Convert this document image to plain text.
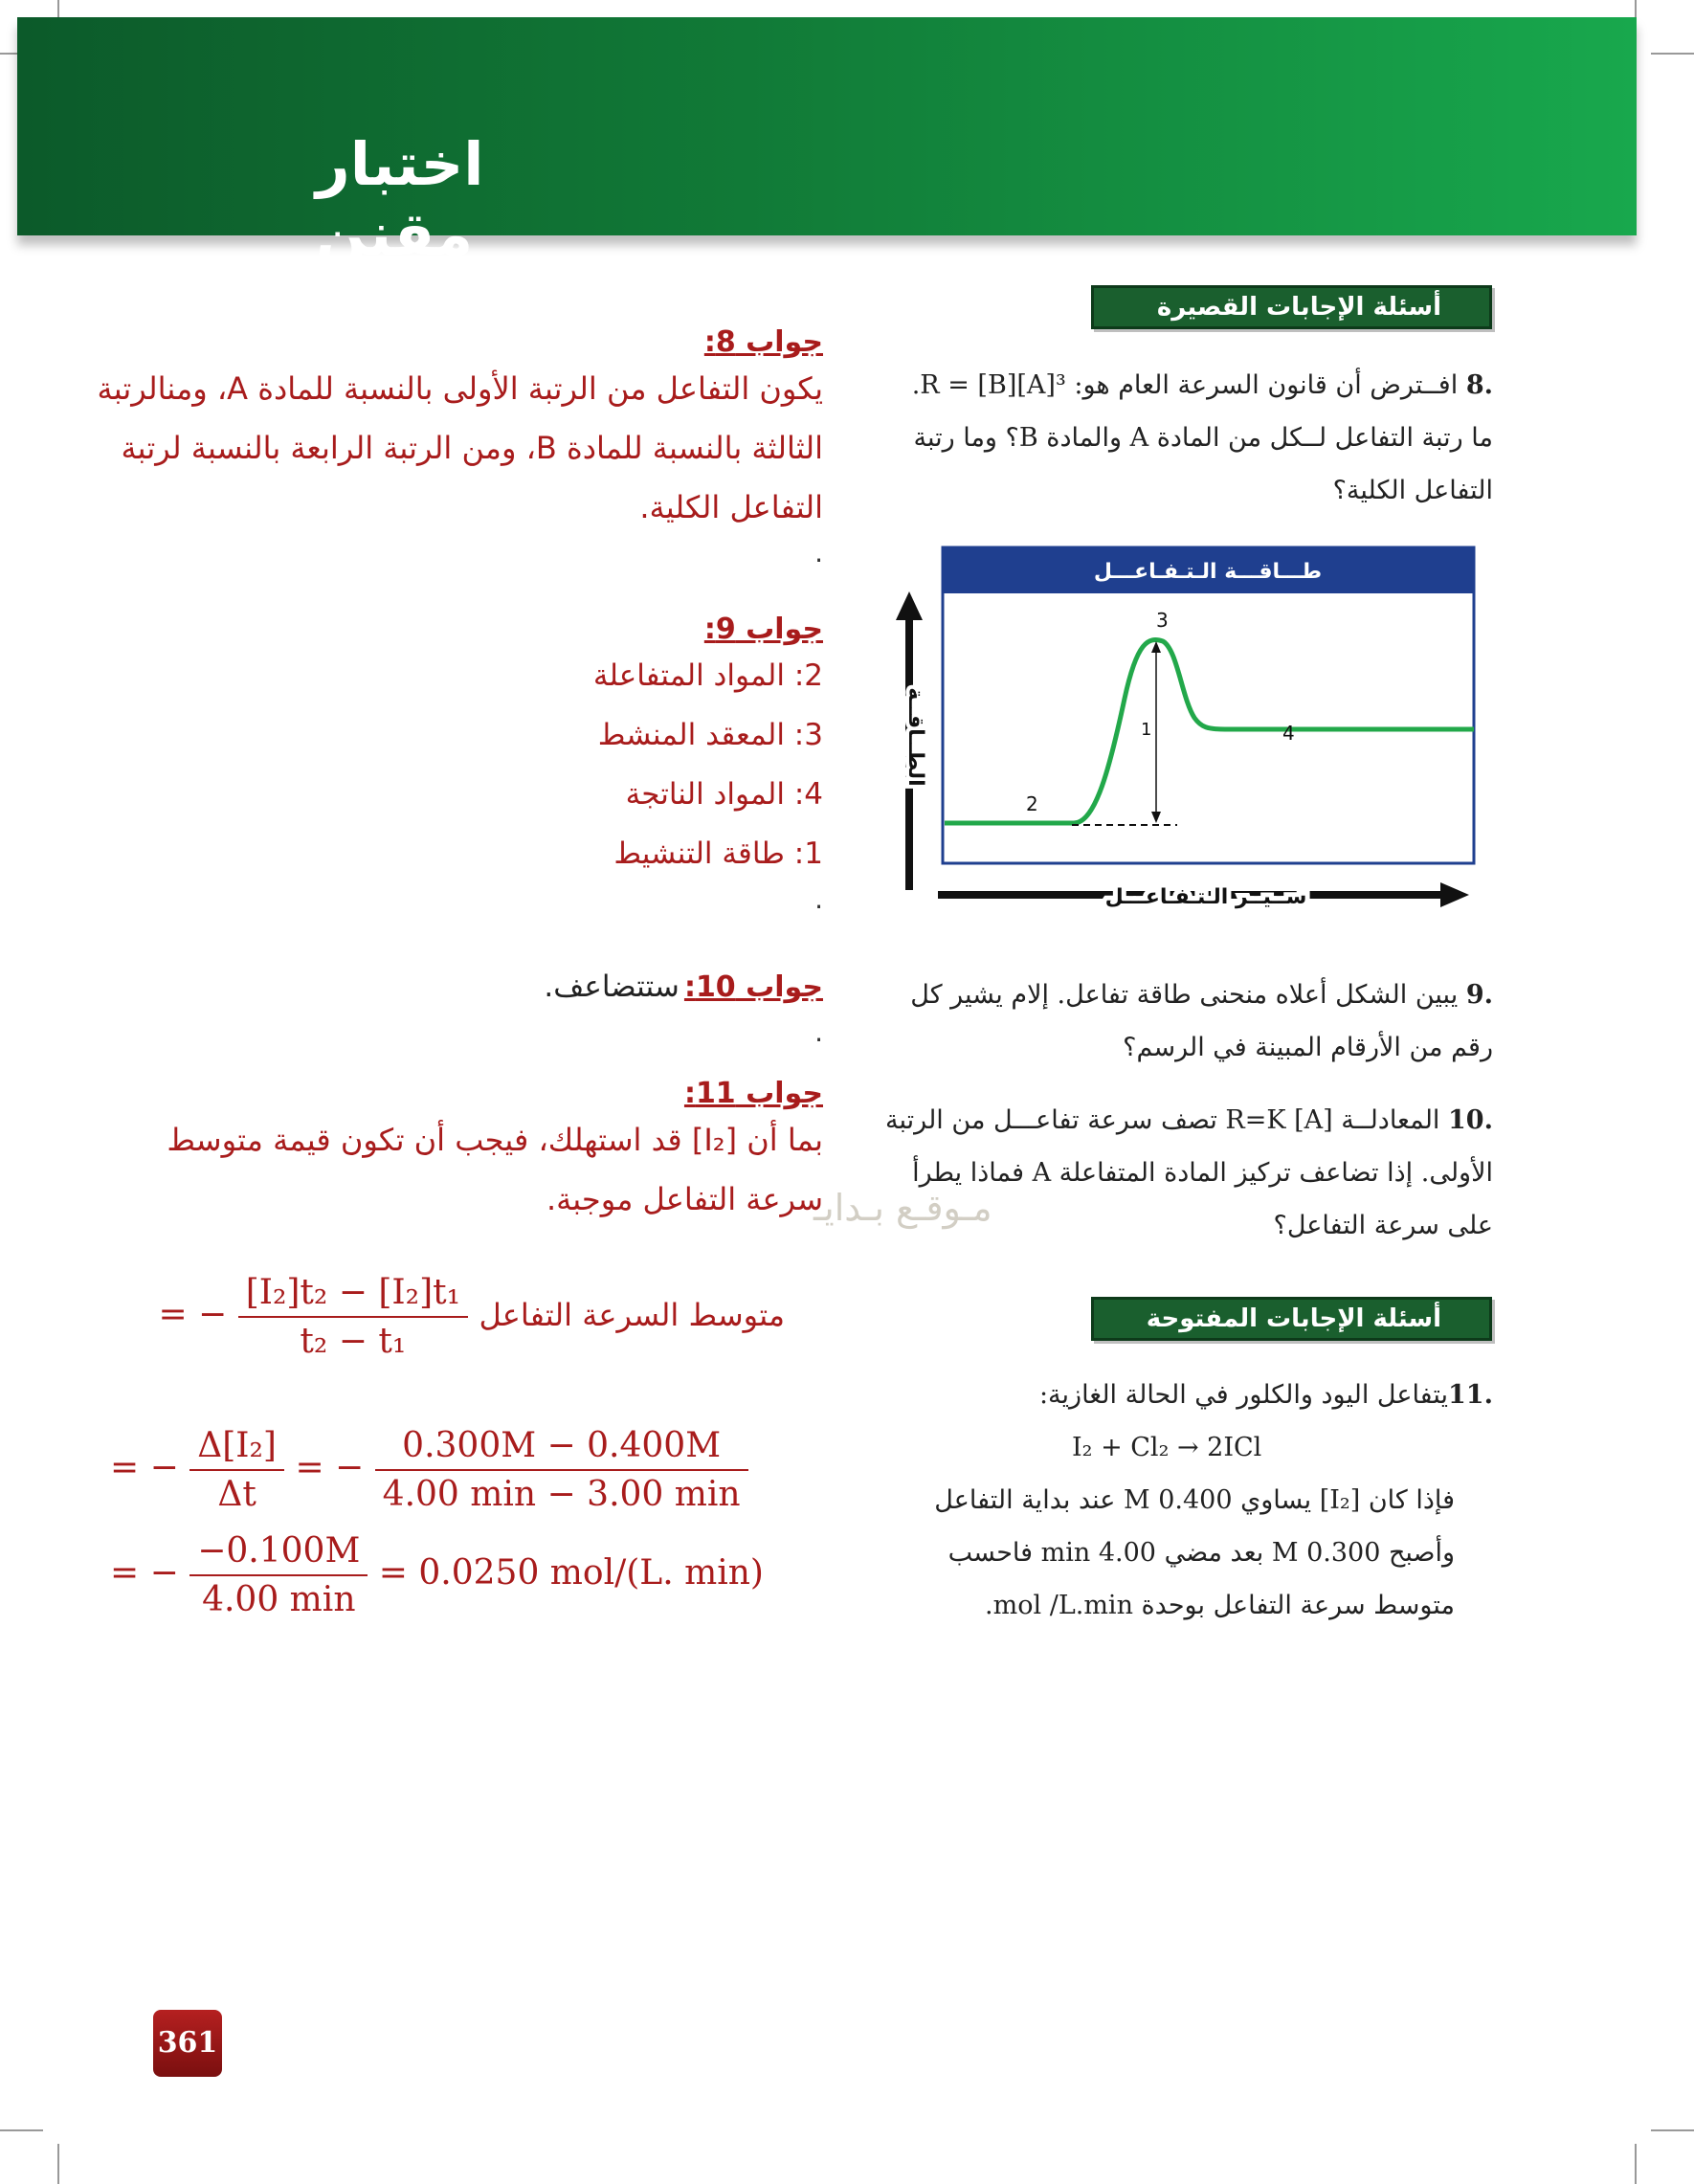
اختبار مقنن
مـوقـع بـدايـ
أسئلة الإجابات القصيرة
8. افــترض أن قانون السرعة العام هو: ³[A][B] = R.
ما رتبة التفاعل لــكل من المادة A والمادة B؟ وما رتبة
التفاعل الكلية؟
طـــاقـــة الـتـفـاعـــل
الطــاقــة
ســيــر الـتـفـاعـــل
1
2
3
4
9. يبين الشكل أعلاه منحنى طاقة تفاعل. إلام يشير كل
رقم من الأرقام المبينة في الرسم؟
10. المعادلــة R=K [A] تصف سرعة تفاعـــل من الرتبة
الأولى. إذا تضاعف تركيز المادة المتفاعلة A فماذا يطرأ
على سرعة التفاعل؟
أسئلة الإجابات المفتوحة
11.يتفاعل اليود والكلور في الحالة الغازية:
I₂ + Cl₂ → 2ICl
فإذا كان [I₂] يساوي 0.400 M عند بداية التفاعل
وأصبح 0.300 M بعد مضي 4.00 min فاحسب
متوسط سرعة التفاعل بوحدة mol /L.min.
جواب 8:
يكون التفاعل من الرتبة الأولى بالنسبة للمادة A، ومنالرتبة
الثالثة بالنسبة للمادة B، ومن الرتبة الرابعة بالنسبة لرتبة
التفاعل الكلية.
.
جواب 9:
2: المواد المتفاعلة
3: المعقد المنشط
4: المواد الناتجة
1: طاقة التنشيط
.
جواب 10: ستتضاعف.
.
جواب 11:
بما أن [I₂] قد استهلك، فيجب أن تكون قيمة متوسط
سرعة التفاعل موجبة.
متوسط السرعة التفاعل = − $\frac{\text{[I₂]t₂ − [I₂]t₁}}{\text{t₂ − t₁}}$
= − $\frac{\text{Δ[I₂]}}{\Delta t}$ = − $\frac{0.300M - 0.400M}{4.00 \min - 3.00 \min}$
= − $\frac{-0.100M}{4.00 \min} = 0.0250$ mol/(L. min)
361
